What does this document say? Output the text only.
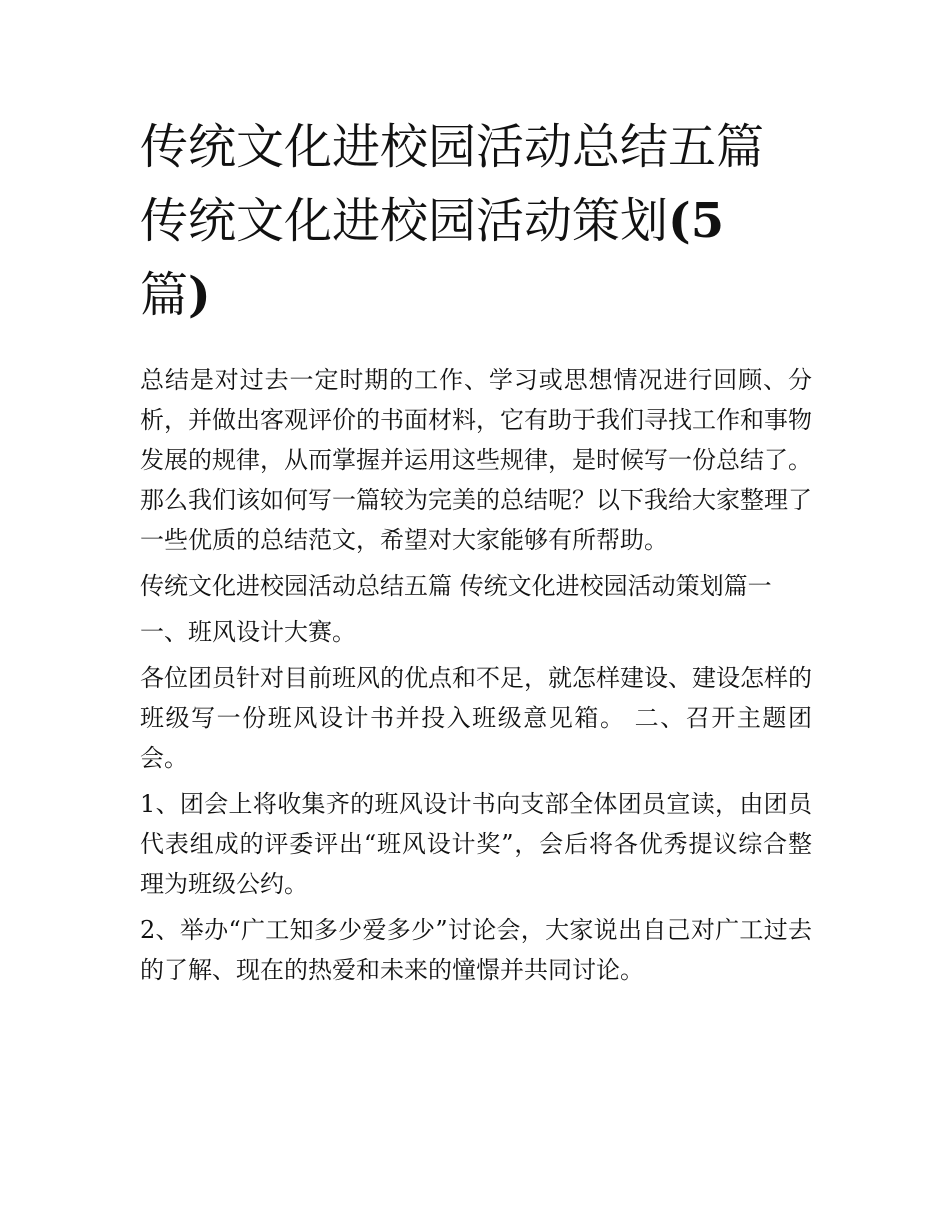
传统文化进校园活动总结五篇
传统文化进校园活动策划(5
篇)

总结是对过去一定时期的工作、学习或思想情况进行回顾、分析，并做出客观评价的书面材料，它有助于我们寻找工作和事物发展的规律，从而掌握并运用这些规律，是时候写一份总结了。那么我们该如何写一篇较为完美的总结呢？以下我给大家整理了一些优质的总结范文，希望对大家能够有所帮助。

传统文化进校园活动总结五篇 传统文化进校园活动策划篇一

一、班风设计大赛。

各位团员针对目前班风的优点和不足，就怎样建设、建设怎样的班级写一份班风设计书并投入班级意见箱。 二、召开主题团会。

1、团会上将收集齐的班风设计书向支部全体团员宣读，由团员代表组成的评委评出“班风设计奖”，会后将各优秀提议综合整理为班级公约。

2、举办“广工知多少爱多少”讨论会，大家说出自己对广工过去的了解、现在的热爱和未来的憧憬并共同讨论。
